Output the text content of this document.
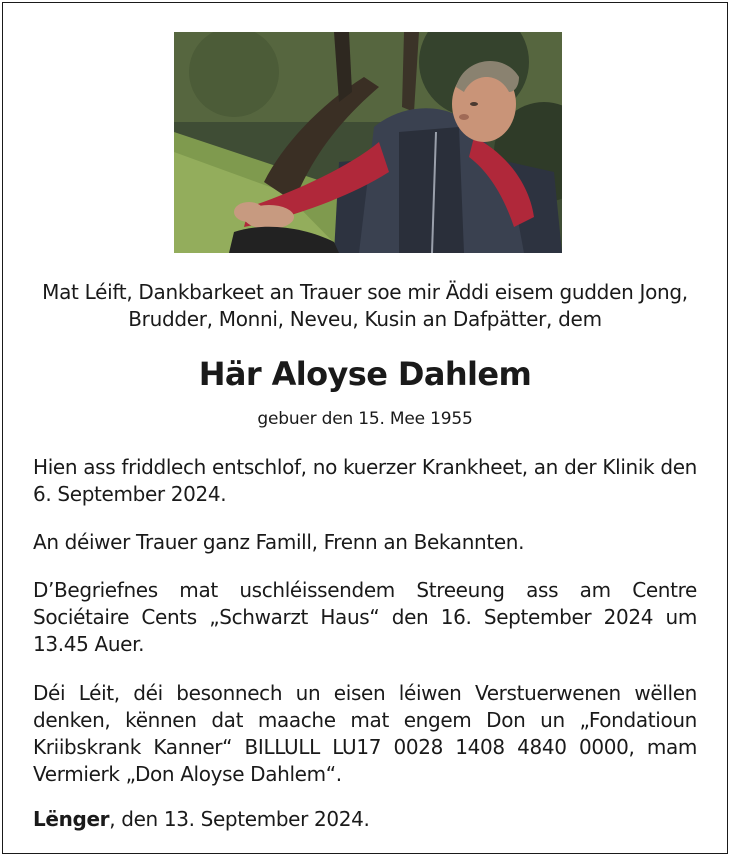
Mat Léift, Dankbarkeet an Trauer soe mir Äddi eisem gudden Jong, Brudder, Monni, Neveu, Kusin an Dafpätter, dem

Här Aloyse Dahlem

gebuer den 15. Mee 1955

Hien ass friddlech entschlof, no kuerzer Krankheet, an der Klinik den 6. September 2024.

An déiwer Trauer ganz Famill, Frenn an Bekannten.

D’Begriefnes mat uschléissendem Streeung ass am Centre Sociétaire Cents „Schwarzt Haus“ den 16. September 2024 um 13.45 Auer.

Déi Léit, déi besonnech un eisen léiwen Verstuerwenen wëllen denken, kënnen dat maache mat engem Don un „Fondatioun Kriibskrank Kanner“ BILLULL LU17 0028 1408 4840 0000, mam Vermierk „Don Aloyse Dahlem“.

Lënger, den 13. September 2024.
